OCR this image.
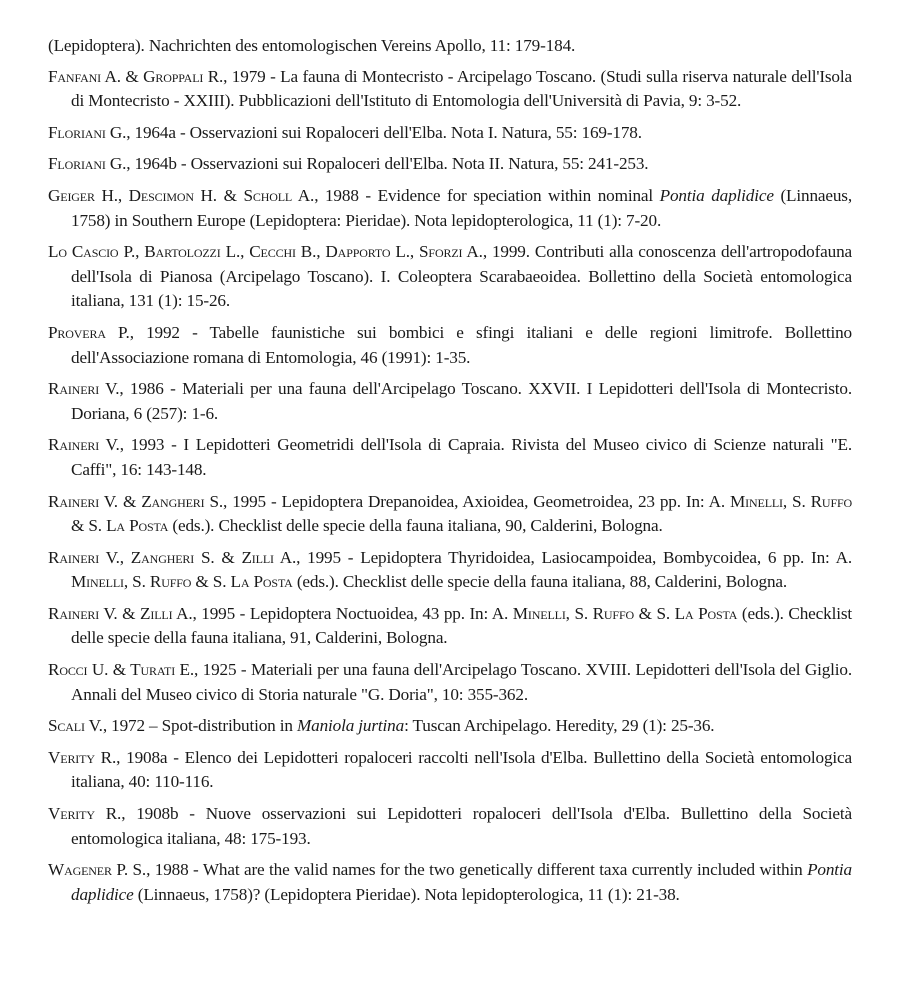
(Lepidoptera). Nachrichten des entomologischen Vereins Apollo, 11: 179-184.

Fanfani A. & Groppali R., 1979 - La fauna di Montecristo - Arcipelago Toscano. (Studi sulla riserva naturale dell'Isola di Montecristo - XXIII). Pubblicazioni dell'Istituto di Entomologia dell'Università di Pavia, 9: 3-52.

Floriani G., 1964a - Osservazioni sui Ropaloceri dell'Elba. Nota I. Natura, 55: 169-178.

Floriani G., 1964b - Osservazioni sui Ropaloceri dell'Elba. Nota II. Natura, 55: 241-253.

Geiger H., Descimon H. & Scholl A., 1988 - Evidence for speciation within nominal Pontia daplidice (Linnaeus, 1758) in Southern Europe (Lepidoptera: Pieridae). Nota lepidopterologica, 11 (1): 7-20.

Lo Cascio P., Bartolozzi L., Cecchi B., Dapporto L., Sforzi A., 1999. Contributi alla conoscenza dell'artropodofauna dell'Isola di Pianosa (Arcipelago Toscano). I. Coleoptera Scarabaeoidea. Bollettino della Società entomologica italiana, 131 (1): 15-26.

Provera P., 1992 - Tabelle faunistiche sui bombici e sfingi italiani e delle regioni limitrofe. Bollettino dell'Associazione romana di Entomologia, 46 (1991): 1-35.

Raineri V., 1986 - Materiali per una fauna dell'Arcipelago Toscano. XXVII. I Lepidotteri dell'Isola di Montecristo. Doriana, 6 (257): 1-6.

Raineri V., 1993 - I Lepidotteri Geometridi dell'Isola di Capraia. Rivista del Museo civico di Scienze naturali "E. Caffi", 16: 143-148.

Raineri V. & Zangheri S., 1995 - Lepidoptera Drepanoidea, Axioidea, Geometroidea, 23 pp. In: A. Minelli, S. Ruffo & S. La Posta (eds.). Checklist delle specie della fauna italiana, 90, Calderini, Bologna.

Raineri V., Zangheri S. & Zilli A., 1995 - Lepidoptera Thyridoidea, Lasiocampoidea, Bombycoidea, 6 pp. In: A. Minelli, S. Ruffo & S. La Posta (eds.). Checklist delle specie della fauna italiana, 88, Calderini, Bologna.

Raineri V. & Zilli A., 1995 - Lepidoptera Noctuoidea, 43 pp. In: A. Minelli, S. Ruffo & S. La Posta (eds.). Checklist delle specie della fauna italiana, 91, Calderini, Bologna.

Rocci U. & Turati E., 1925 - Materiali per una fauna dell'Arcipelago Toscano. XVIII. Lepidotteri dell'Isola del Giglio. Annali del Museo civico di Storia naturale "G. Doria", 10: 355-362.

Scali V., 1972 – Spot-distribution in Maniola jurtina: Tuscan Archipelago. Heredity, 29 (1): 25-36.

Verity R., 1908a - Elenco dei Lepidotteri ropaloceri raccolti nell'Isola d'Elba. Bullettino della Società entomologica italiana, 40: 110-116.

Verity R., 1908b - Nuove osservazioni sui Lepidotteri ropaloceri dell'Isola d'Elba. Bullettino della Società entomologica italiana, 48: 175-193.

Wagener P. S., 1988 - What are the valid names for the two genetically different taxa currently included within Pontia daplidice (Linnaeus, 1758)? (Lepidoptera Pieridae). Nota lepidopterologica, 11 (1): 21-38.
